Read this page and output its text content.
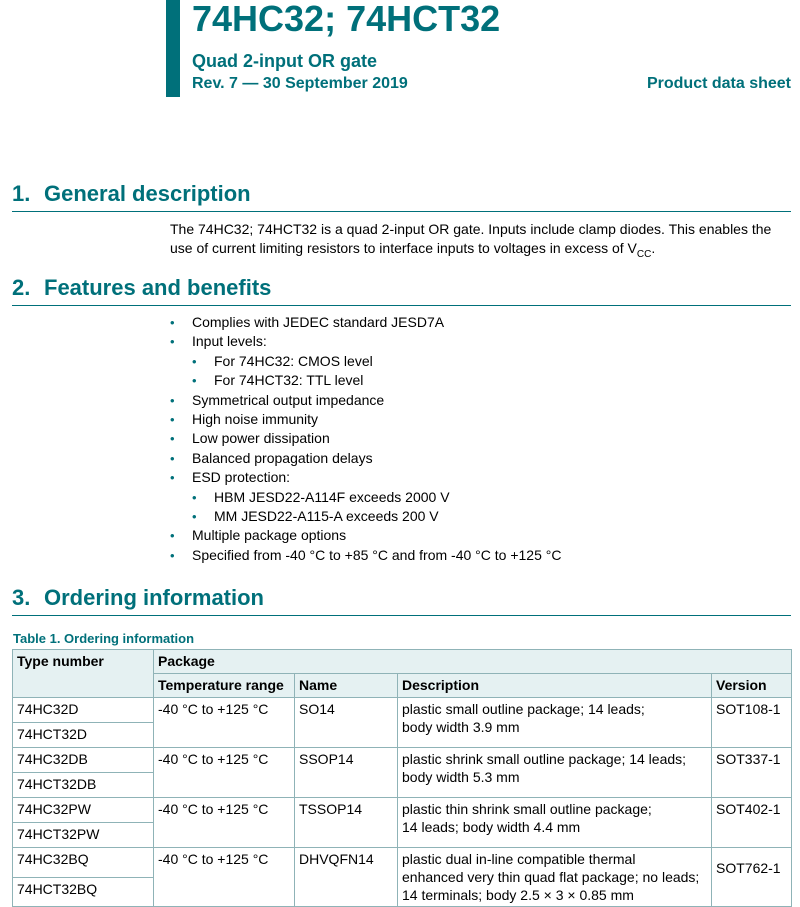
74HC32; 74HCT32
Quad 2-input OR gate
Rev. 7 — 30 September 2019	Product data sheet
1. General description
The 74HC32; 74HCT32 is a quad 2-input OR gate. Inputs include clamp diodes. This enables the
use of current limiting resistors to interface inputs to voltages in excess of $V_{CC}$.
2. Features and benefits
• Complies with JEDEC standard JESD7A
• Input levels:
• For 74HC32: CMOS level
• For 74HCT32: TTL level
• Symmetrical output impedance
• High noise immunity
• Low power dissipation
• Balanced propagation delays
• ESD protection:
• HBM JESD22-A114F exceeds 2000 V
• MM JESD22-A115-A exceeds 200 V
• Multiple package options
• Specified from -40 °C to +85 °C and from -40 °C to +125 °C
3. Ordering information
Table 1. Ordering information
Type number	Package			
	Temperature range	Name	Description	Version
74HC32D	-40 °C to +125 °C	SO14	plastic small outline package; 14 leads;
body width 3.9 mm	SOT108-1
74HCT32D				
74HC32DB	-40 °C to +125 °C	SSOP14	plastic shrink small outline package; 14 leads;
body width 5.3 mm	SOT337-1
74HCT32DB				
74HC32PW	-40 °C to +125 °C	TSSOP14	plastic thin shrink small outline package;
14 leads; body width 4.4 mm	SOT402-1
74HCT32PW				
74HC32BQ	-40 °C to +125 °C	DHVQFN14	plastic dual in-line compatible thermal
enhanced very thin quad flat package; no leads;
14 terminals; body 2.5 × 3 × 0.85 mm	SOT762-1

74HCT32BQ				
